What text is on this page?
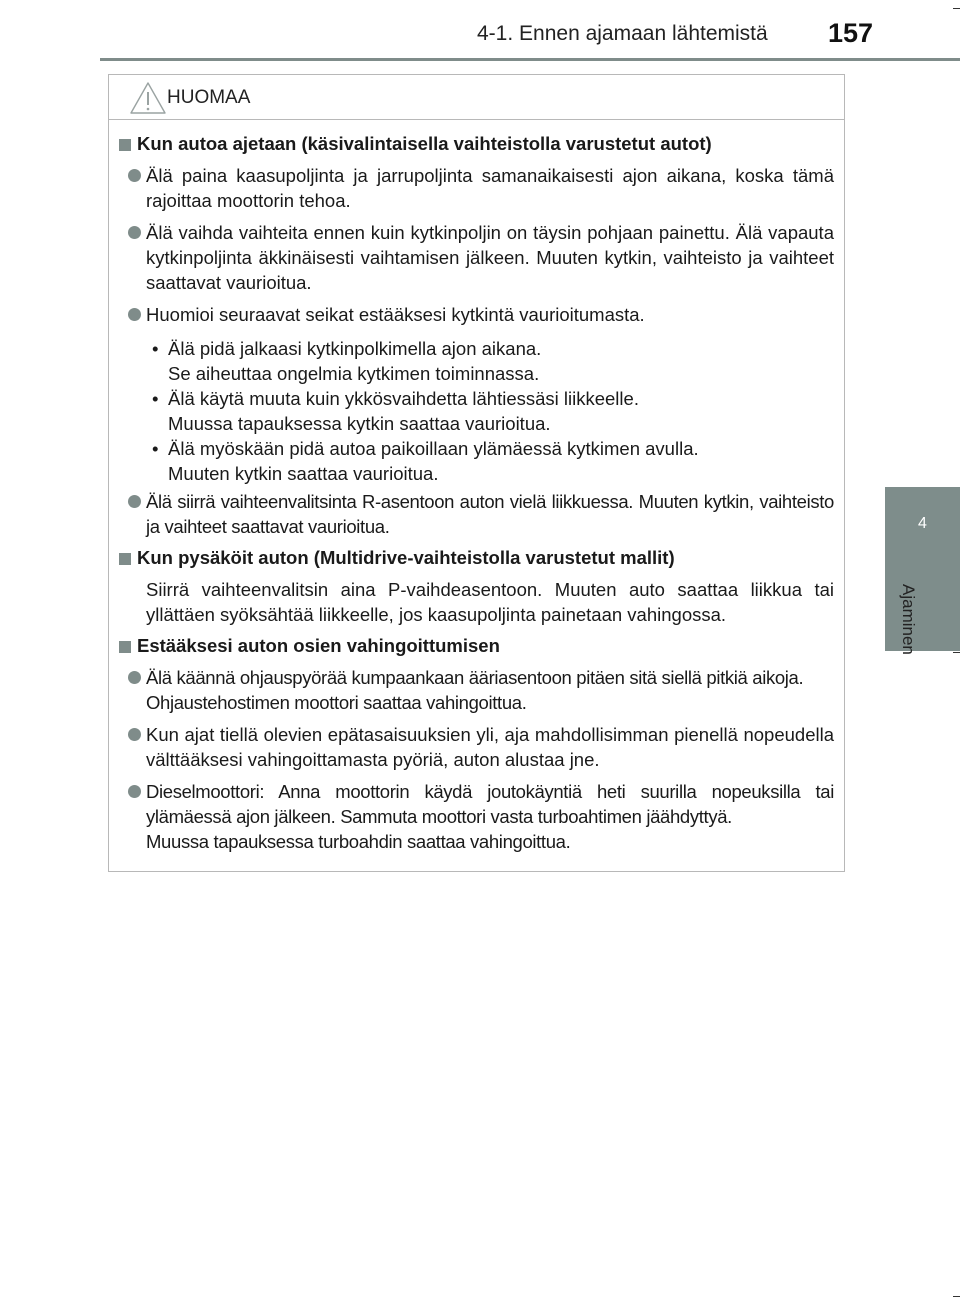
4-1. Ennen ajamaan lähtemistä 157
4
Ajaminen
HUOMAA
Kun autoa ajetaan (käsivalintaisella vaihteistolla varustetut autot)
Älä paina kaasupoljinta ja jarrupoljinta samanaikaisesti ajon aikana, koska tämä rajoittaa moottorin tehoa.
Älä vaihda vaihteita ennen kuin kytkinpoljin on täysin pohjaan painettu. Älä vapauta kytkinpoljinta äkkinäisesti vaihtamisen jälkeen. Muuten kytkin, vaihteisto ja vaihteet saattavat vaurioitua.
Huomioi seuraavat seikat estääksesi kytkintä vaurioitumasta.
• Älä pidä jalkaasi kytkinpolkimella ajon aikana.
Se aiheuttaa ongelmia kytkimen toiminnassa.
• Älä käytä muuta kuin ykkösvaihdetta lähtiessäsi liikkeelle.
Muussa tapauksessa kytkin saattaa vaurioitua.
• Älä myöskään pidä autoa paikoillaan ylämäessä kytkimen avulla.
Muuten kytkin saattaa vaurioitua.
Älä siirrä vaihteenvalitsinta R-asentoon auton vielä liikkuessa. Muuten kytkin, vaihteisto ja vaihteet saattavat vaurioitua.
Kun pysäköit auton (Multidrive-vaihteistolla varustetut mallit)
Siirrä vaihteenvalitsin aina P-vaihdeasentoon. Muuten auto saattaa liikkua tai yllättäen syöksähtää liikkeelle, jos kaasupoljinta painetaan vahingossa.
Estääksesi auton osien vahingoittumisen
Älä käännä ohjauspyörää kumpaankaan ääriasentoon pitäen sitä siellä pitkiä aikoja.
Ohjaustehostimen moottori saattaa vahingoittua.
Kun ajat tiellä olevien epätasaisuuksien yli, aja mahdollisimman pienellä nopeudella välttääksesi vahingoittamasta pyöriä, auton alustaa jne.
Dieselmoottori: Anna moottorin käydä joutokäyntiä heti suurilla nopeuksilla tai ylämäessä ajon jälkeen. Sammuta moottori vasta turboahtimen jäähdyttyä.
Muussa tapauksessa turboahdin saattaa vahingoittua.
